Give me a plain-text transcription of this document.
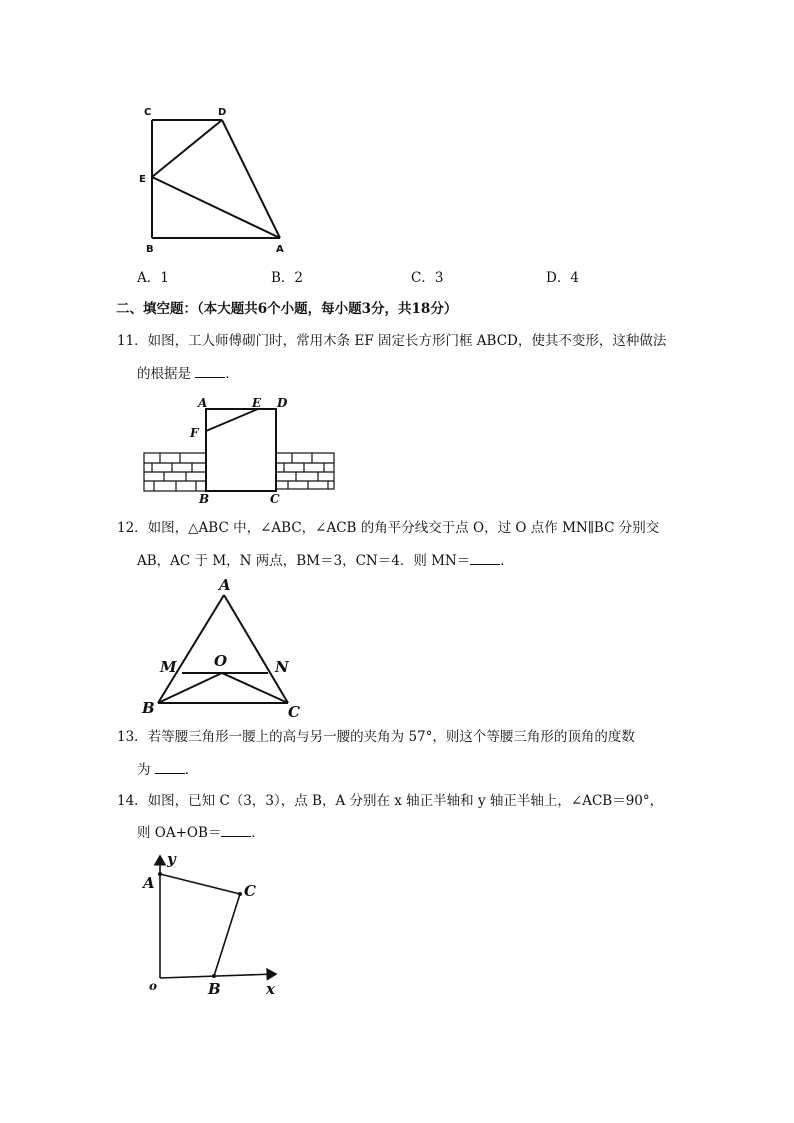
C	D
E
B	A
A．1	B．2	C．3	D．4
二、填空题：（本大题共6个小题，每小题3分，共18分）
11．如图，工人师傅砌门时，常用木条 EF 固定长方形门框 ABCD，使其不变形，这种做法
的根据是	．
A	E D
F
B	C
12．如图，△ABC 中，∠ABC，∠ACB 的角平分线交于点 O，过 O 点作 MN∥BC 分别交
AB，AC 于 M，N 两点，BM＝3，CN＝4．则 MN＝ ．
A
M O	N
B	C
13．若等腰三角形一腰上的高与另一腰的夹角为 57°，则这个等腰三角形的顶角的度数
为	．
14．如图，已知 C（3，3），点 B，A 分别在 x 轴正半轴和 y 轴正半轴上，∠ACB＝90°，
则 OA+OB＝ ．
y
A	C
o	B	x
